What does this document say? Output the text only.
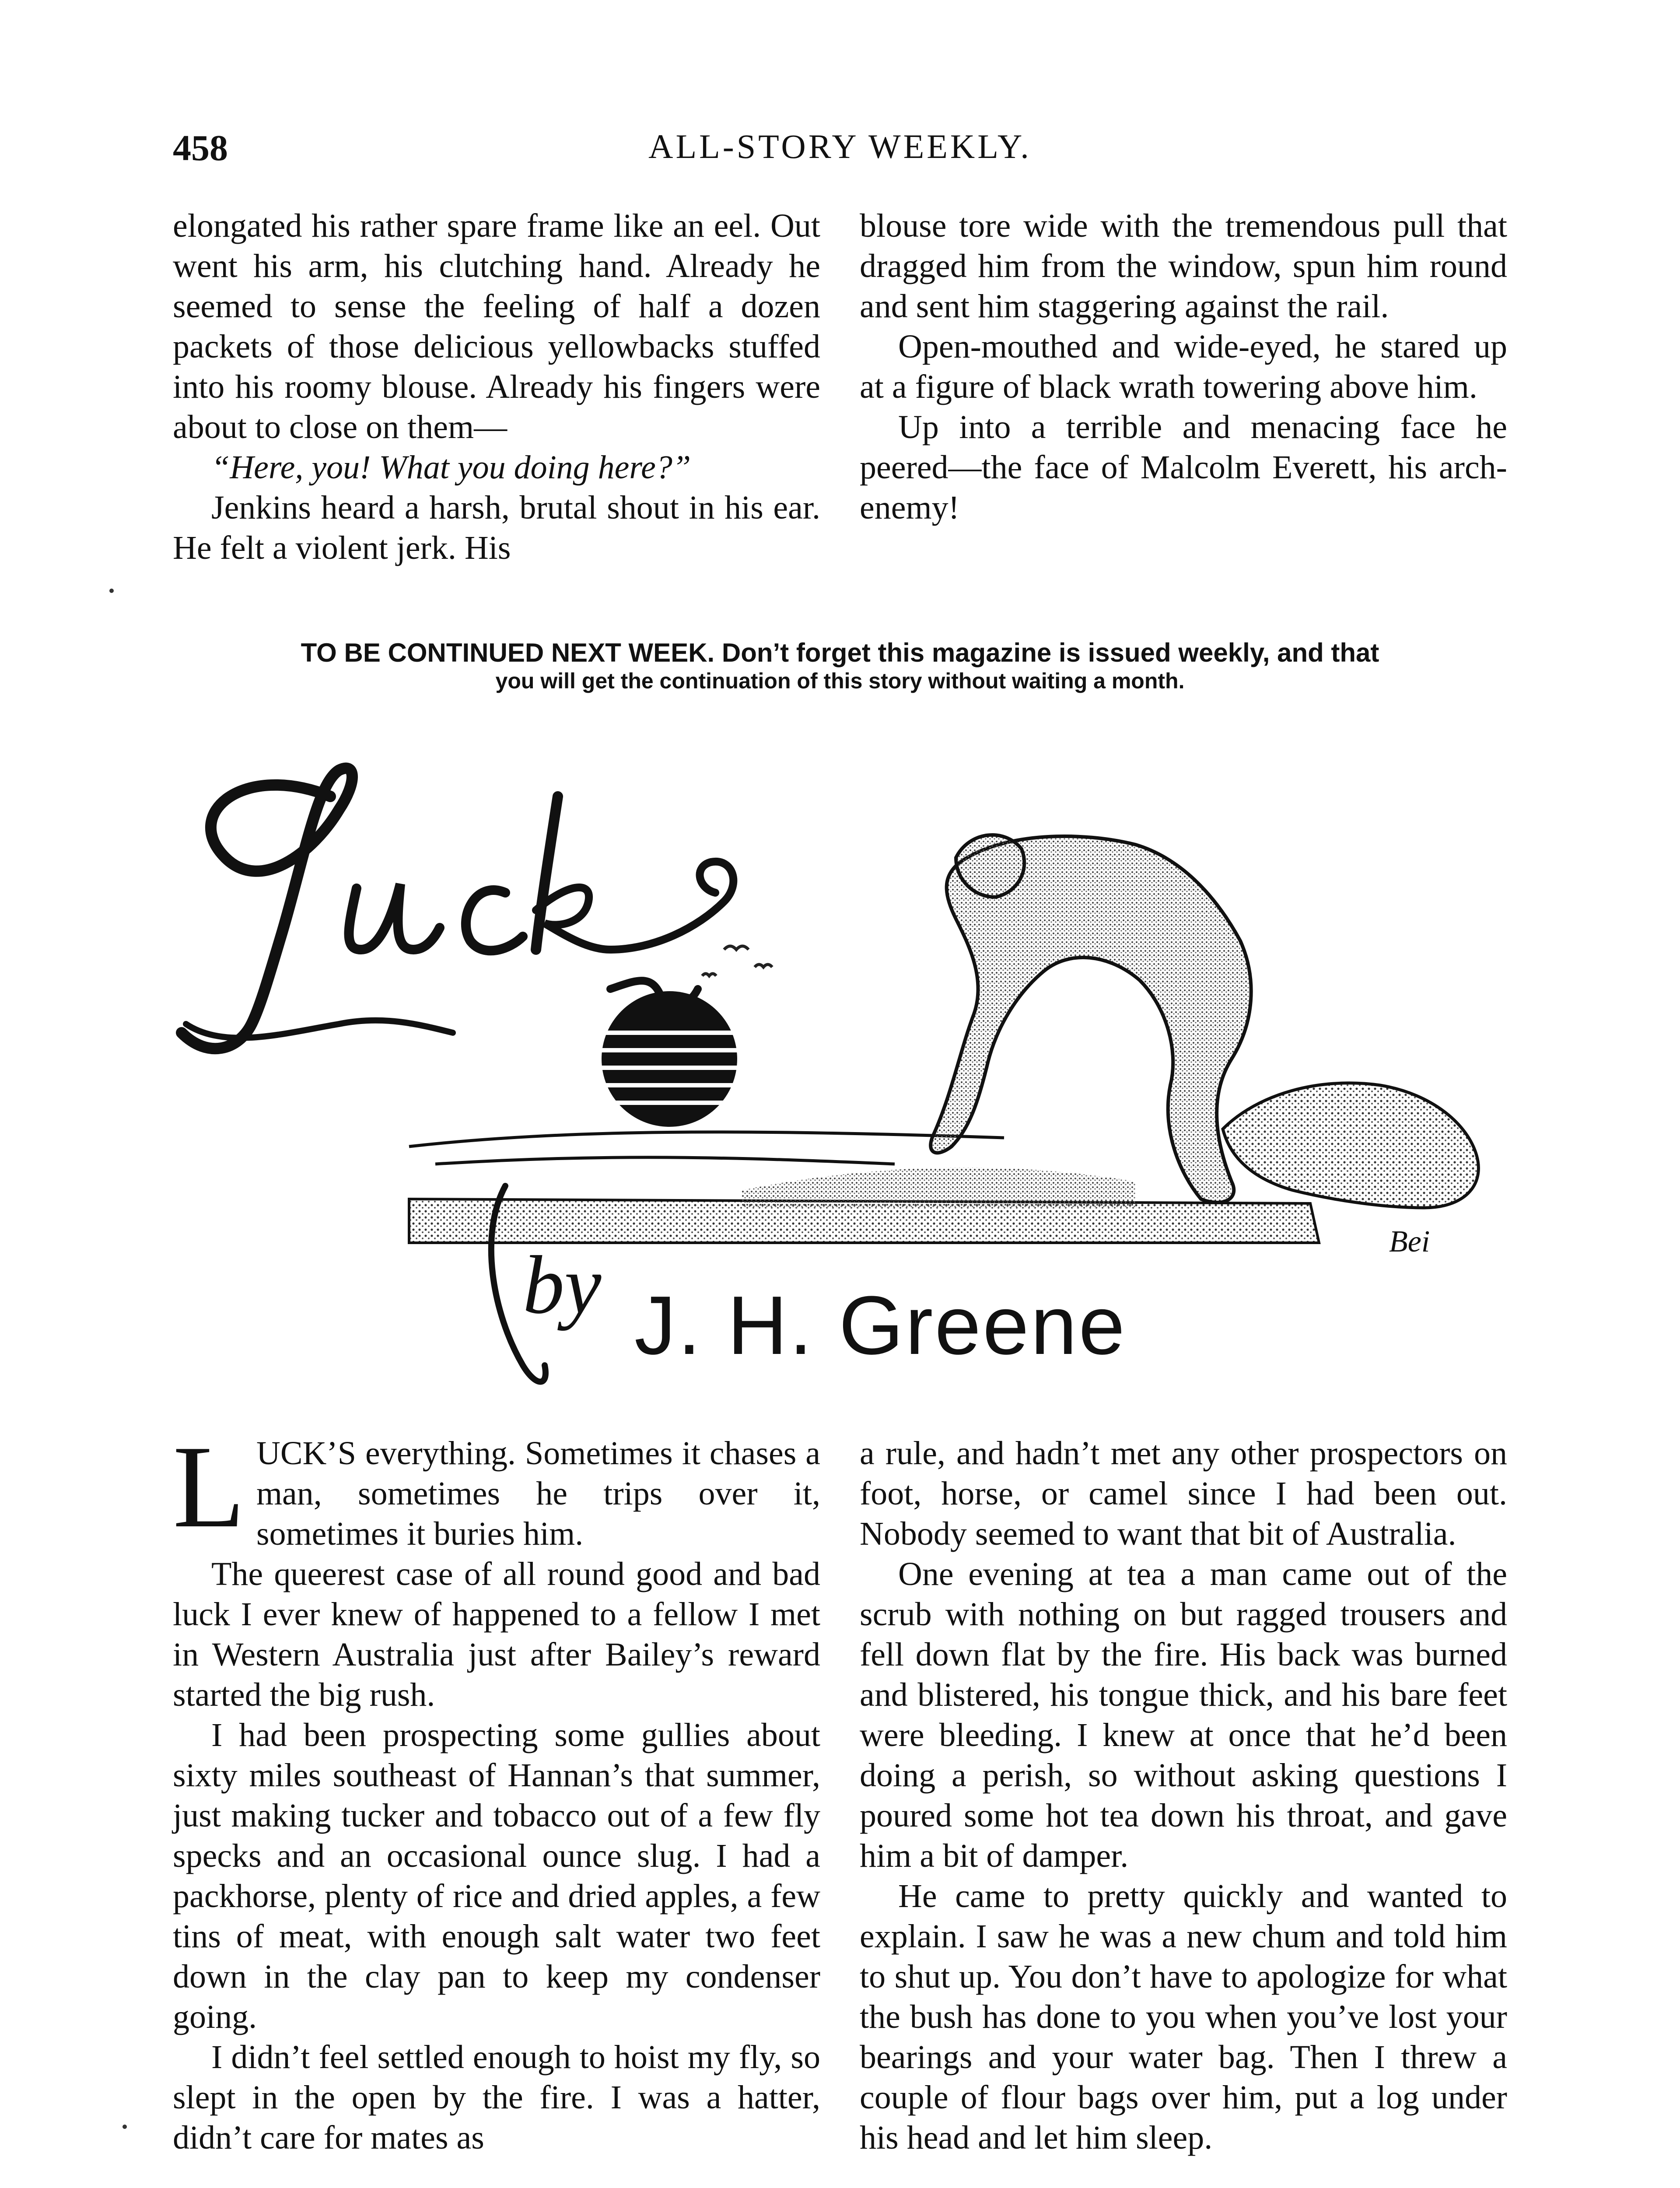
458	ALL-STORY WEEKLY.

elongated his rather spare frame like an eel. Out went his arm, his clutching hand. Already he seemed to sense the feeling of half a dozen packets of those delicious yellowbacks stuffed into his roomy blouse. Already his fingers were about to close on them—

“Here, you! What you doing here?”

Jenkins heard a harsh, brutal shout in his ear. He felt a violent jerk. His

blouse tore wide with the tremendous pull that dragged him from the window, spun him round and sent him staggering against the rail.

Open-mouthed and wide-eyed, he stared up at a figure of black wrath towering above him.

Up into a terrible and menacing face he peered—the face of Malcolm Everett, his arch-enemy!

TO BE CONTINUED NEXT WEEK. Don’t forget this magazine is issued weekly, and that
you will get the continuation of this story without waiting a month.
Bei
by
Luck
J. H. Greene

LUCK’S everything. Sometimes it chases a man, sometimes he trips over it, sometimes it buries him.

The queerest case of all round good and bad luck I ever knew of happened to a fellow I met in Western Australia just after Bailey’s reward started the big rush.

I had been prospecting some gullies about sixty miles southeast of Hannan’s that summer, just making tucker and tobacco out of a few fly specks and an occasional ounce slug. I had a packhorse, plenty of rice and dried apples, a few tins of meat, with enough salt water two feet down in the clay pan to keep my condenser going.

I didn’t feel settled enough to hoist my fly, so slept in the open by the fire. I was a hatter, didn’t care for mates as

a rule, and hadn’t met any other prospectors on foot, horse, or camel since I had been out. Nobody seemed to want that bit of Australia.

One evening at tea a man came out of the scrub with nothing on but ragged trousers and fell down flat by the fire. His back was burned and blistered, his tongue thick, and his bare feet were bleeding. I knew at once that he’d been doing a perish, so without asking questions I poured some hot tea down his throat, and gave him a bit of damper.

He came to pretty quickly and wanted to explain. I saw he was a new chum and told him to shut up. You don’t have to apologize for what the bush has done to you when you’ve lost your bearings and your water bag. Then I threw a couple of flour bags over him, put a log under his head and let him sleep.
